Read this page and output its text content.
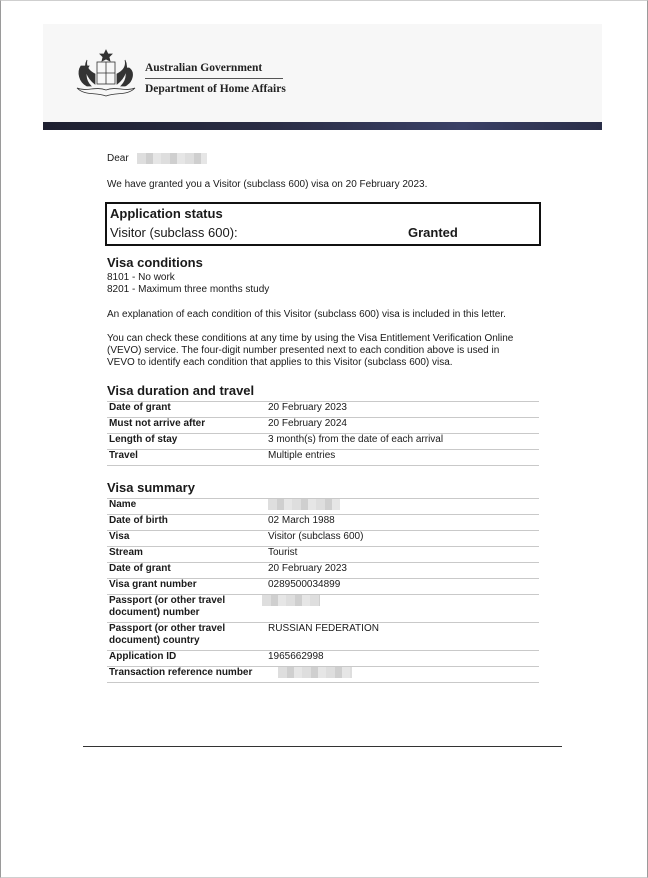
Australian Government
Department of Home Affairs
Dear
We have granted you a Visitor (subclass 600) visa on 20 February 2023.
Application status
Visitor (subclass 600):	Granted
Visa conditions
8101 - No work
8201 - Maximum three months study
An explanation of each condition of this Visitor (subclass 600) visa is included in this letter.
You can check these conditions at any time by using the Visa Entitlement Verification Online
(VEVO) service. The four-digit number presented next to each condition above is used in
VEVO to identify each condition that applies to this Visitor (subclass 600) visa.
Visa duration and travel
Date of grant	20 February 2023
Must not arrive after	20 February 2024
Length of stay	3 month(s) from the date of each arrival
Travel	Multiple entries
Visa summary
Name	
Date of birth	02 March 1988
Visa	Visitor (subclass 600)
Stream	Tourist
Date of grant	20 February 2023
Visa grant number	0289500034899

Passport (or other travel
document) number	

Passport (or other travel
document) country	RUSSIAN FEDERATION
Application ID	1965662998
Transaction reference number	
